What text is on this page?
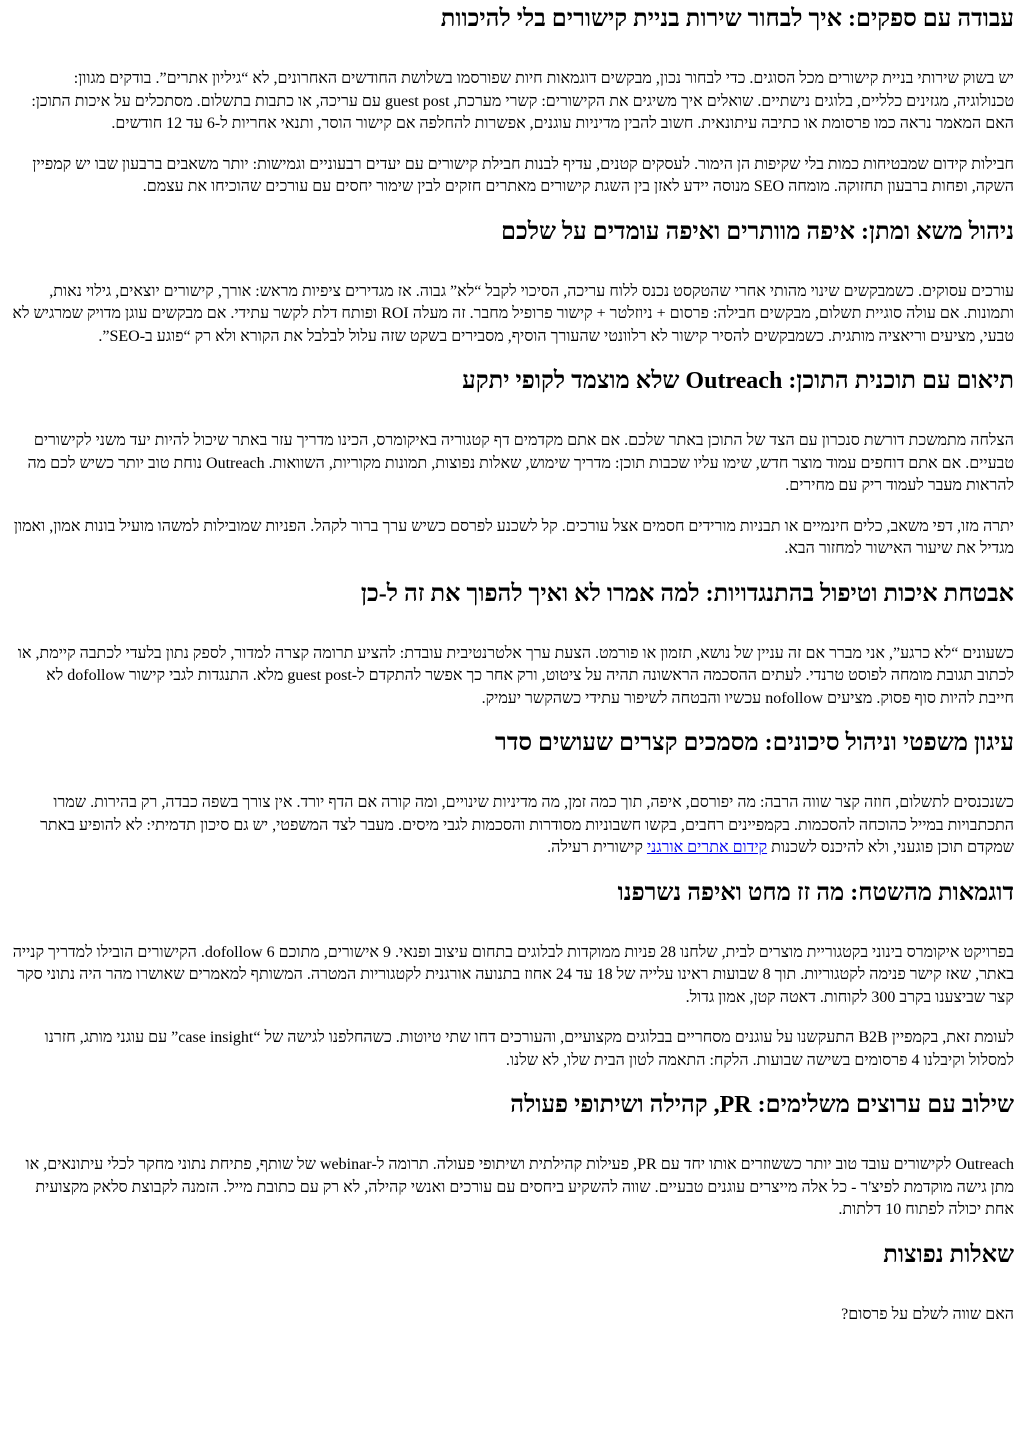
עבודה עם ספקים: איך לבחור שירות בניית קישורים בלי להיכוות

יש בשוק שירותי בניית קישורים מכל הסוגים. כדי לבחור נכון, מבקשים דוגמאות חיות שפורסמו בשלושת החודשים האחרונים, לא “גיליון אתרים”. בודקים מגוון: טכנולוגיה, מגזינים כלליים, בלוגים נישתיים. שואלים איך משיגים את הקישורים: קשרי מערכת, guest post עם עריכה, או כתבות בתשלום. מסתכלים על איכות התוכן: האם המאמר נראה כמו פרסומת או כתיבה עיתונאית. חשוב להבין מדיניות עוגנים, אפשרות להחלפה אם קישור הוסר, ותנאי אחריות ל-6 עד 12 חודשים.

חבילות קידום שמבטיחות כמות בלי שקיפות הן הימור. לעסקים קטנים, עדיף לבנות חבילת קישורים עם יעדים רבעוניים וגמישות: יותר משאבים ברבעון שבו יש קמפיין השקה, ופחות ברבעון תחזוקה. מומחה SEO מנוסה יידע לאזן בין השגת קישורים מאתרים חזקים לבין שימור יחסים עם עורכים שהוכיחו את עצמם.

ניהול משא ומתן: איפה מוותרים ואיפה עומדים על שלכם

עורכים עסוקים. כשמבקשים שינוי מהותי אחרי שהטקסט נכנס ללוח עריכה, הסיכוי לקבל “לא” גבוה. אז מגדירים ציפיות מראש: אורך, קישורים יוצאים, גילוי נאות, ותמונות. אם עולה סוגיית תשלום, מבקשים חבילה: פרסום + ניוזלטר + קישור פרופיל מחבר. זה מעלה ROI ופותח דלת לקשר עתידי. אם מבקשים עוגן מדויק שמרגיש לא טבעי, מציעים וריאציה מותגית. כשמבקשים להסיר קישור לא רלוונטי שהעורך הוסיף, מסבירים בשקט שזה עלול לבלבל את הקורא ולא רק “פוגע ב-SEO”.

תיאום עם תוכנית התוכן: Outreach שלא מוצמד לקופי יתקע

הצלחה מתמשכת דורשת סנכרון עם הצד של התוכן באתר שלכם. אם אתם מקדמים דף קטגוריה באיקומרס, הכינו מדריך עזר באתר שיכול להיות יעד משני לקישורים טבעיים. אם אתם דוחפים עמוד מוצר חדש, שימו עליו שכבות תוכן: מדריך שימוש, שאלות נפוצות, תמונות מקוריות, השוואות. Outreach נוחת טוב יותר כשיש לכם מה להראות מעבר לעמוד ריק עם מחירים.

יתרה מזו, דפי משאב, כלים חינמיים או תבניות מורידים חסמים אצל עורכים. קל לשכנע לפרסם כשיש ערך ברור לקהל. הפניות שמובילות למשהו מועיל בונות אמון, ואמון מגדיל את שיעור האישור למחזור הבא.

אבטחת איכות וטיפול בהתנגדויות: למה אמרו לא ואיך להפוך את זה ל-כן

כשעונים “לא כרגע”, אני מברר אם זה עניין של נושא, תזמון או פורמט. הצעת ערך אלטרנטיבית עובדת: להציע תרומה קצרה למדור, לספק נתון בלעדי לכתבה קיימת, או לכתוב תגובת מומחה לפוסט טרנדי. לעתים ההסכמה הראשונה תהיה על ציטוט, ורק אחר כך אפשר להתקדם ל-guest post מלא. התנגדות לגבי קישור dofollow לא חייבת להיות סוף פסוק. מציעים nofollow עכשיו והבטחה לשיפור עתידי כשהקשר יעמיק.

עיגון משפטי וניהול סיכונים: מסמכים קצרים שעושים סדר

כשנכנסים לתשלום, חוזה קצר שווה הרבה: מה יפורסם, איפה, תוך כמה זמן, מה מדיניות שינויים, ומה קורה אם הדף יורד. אין צורך בשפה כבדה, רק בהירות. שמרו התכתבויות במייל כהוכחה להסכמות. בקמפיינים רחבים, בקשו חשבוניות מסודרות והסכמות לגבי מיסים. מעבר לצד המשפטי, יש גם סיכון תדמיתי: לא להופיע באתר שמקדם תוכן פוגעני, ולא להיכנס לשכנות קידום אתרים אורגני קישורית רעילה.

דוגמאות מהשטח: מה זז מחט ואיפה נשרפנו

בפרויקט איקומרס בינוני בקטגוריית מוצרים לבית, שלחנו 28 פניות ממוקדות לבלוגים בתחום עיצוב ופנאי. 9 אישורים, מתוכם 6 dofollow. הקישורים הובילו למדריך קנייה באתר, שאז קישר פנימה לקטגוריות. תוך 8 שבועות ראינו עלייה של 18 עד 24 אחוז בתנועה אורגנית לקטגוריות המטרה. המשותף למאמרים שאושרו מהר היה נתוני סקר קצר שביצענו בקרב 300 לקוחות. דאטה קטן, אמון גדול.

לעומת זאת, בקמפיין B2B התעקשנו על עוגנים מסחריים בבלוגים מקצועיים, והעורכים דחו שתי טיוטות. כשהחלפנו לגישה של “case insight” עם עוגני מותג, חזרנו למסלול וקיבלנו 4 פרסומים בשישה שבועות. הלקח: התאמה לטון הבית שלו, לא שלנו.

שילוב עם ערוצים משלימים: PR, קהילה ושיתופי פעולה

Outreach לקישורים עובד טוב יותר כששוזרים אותו יחד עם PR, פעילות קהילתית ושיתופי פעולה. תרומה ל-webinar של שותף, פתיחת נתוני מחקר לכלי עיתונאים, או מתן גישה מוקדמת לפיצ'ר - כל אלה מייצרים עוגנים טבעיים. שווה להשקיע ביחסים עם עורכים ואנשי קהילה, לא רק עם כתובת מייל. הזמנה לקבוצת סלאק מקצועית אחת יכולה לפתוח 10 דלתות.

שאלות נפוצות

האם שווה לשלם על פרסום?
